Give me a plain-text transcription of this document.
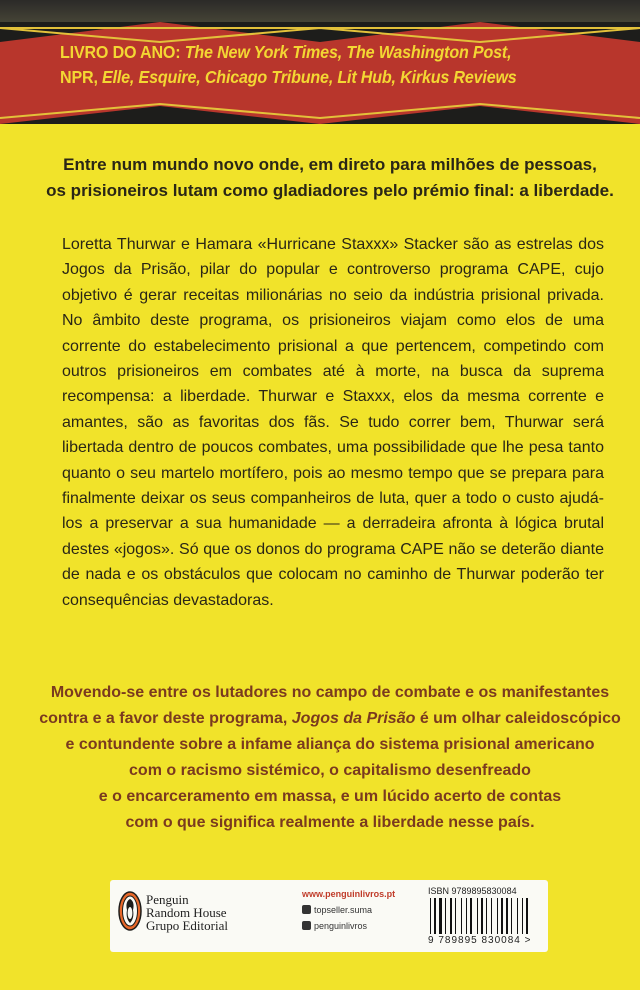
LIVRO DO ANO: The New York Times, The Washington Post,
NPR, Elle, Esquire, Chicago Tribune, Lit Hub, Kirkus Reviews
Entre num mundo novo onde, em direto para milhões de pessoas,
os prisioneiros lutam como gladiadores pelo prémio final: a liberdade.
Loretta Thurwar e Hamara «Hurricane Staxxx» Stacker são as estrelas dos Jogos da Prisão, pilar do popular e controverso programa CAPE, cujo objetivo é gerar receitas milionárias no seio da indústria prisional privada. No âmbito deste programa, os prisioneiros viajam como elos de uma corrente do estabelecimento prisional a que pertencem, competindo com outros prisioneiros em combates até à morte, na busca da suprema recompensa: a liberdade. Thurwar e Staxxx, elos da mesma corrente e amantes, são as favoritas dos fãs. Se tudo correr bem, Thurwar será libertada dentro de poucos combates, uma possibilidade que lhe pesa tanto quanto o seu martelo mortífero, pois ao mesmo tempo que se prepara para finalmente deixar os seus companheiros de luta, quer a todo o custo ajudá-los a preservar a sua humanidade — a derradeira afronta à lógica brutal destes «jogos». Só que os donos do programa CAPE não se deterão diante de nada e os obstáculos que colocam no caminho de Thurwar poderão ter consequências devastadoras.
Movendo-se entre os lutadores no campo de combate e os manifestantes
contra e a favor deste programa, Jogos da Prisão é um olhar caleidoscópico
e contundente sobre a infame aliança do sistema prisional americano
com o racismo sistémico, o capitalismo desenfreado
e o encarceramento em massa, e um lúcido acerto de contas
com o que significa realmente a liberdade nesse país.
Penguin
Random House
Grupo Editorial
www.penguinlivros.pt
topseller.suma
penguinlivros
ISBN 9789895830084
9 789895 830084 >
